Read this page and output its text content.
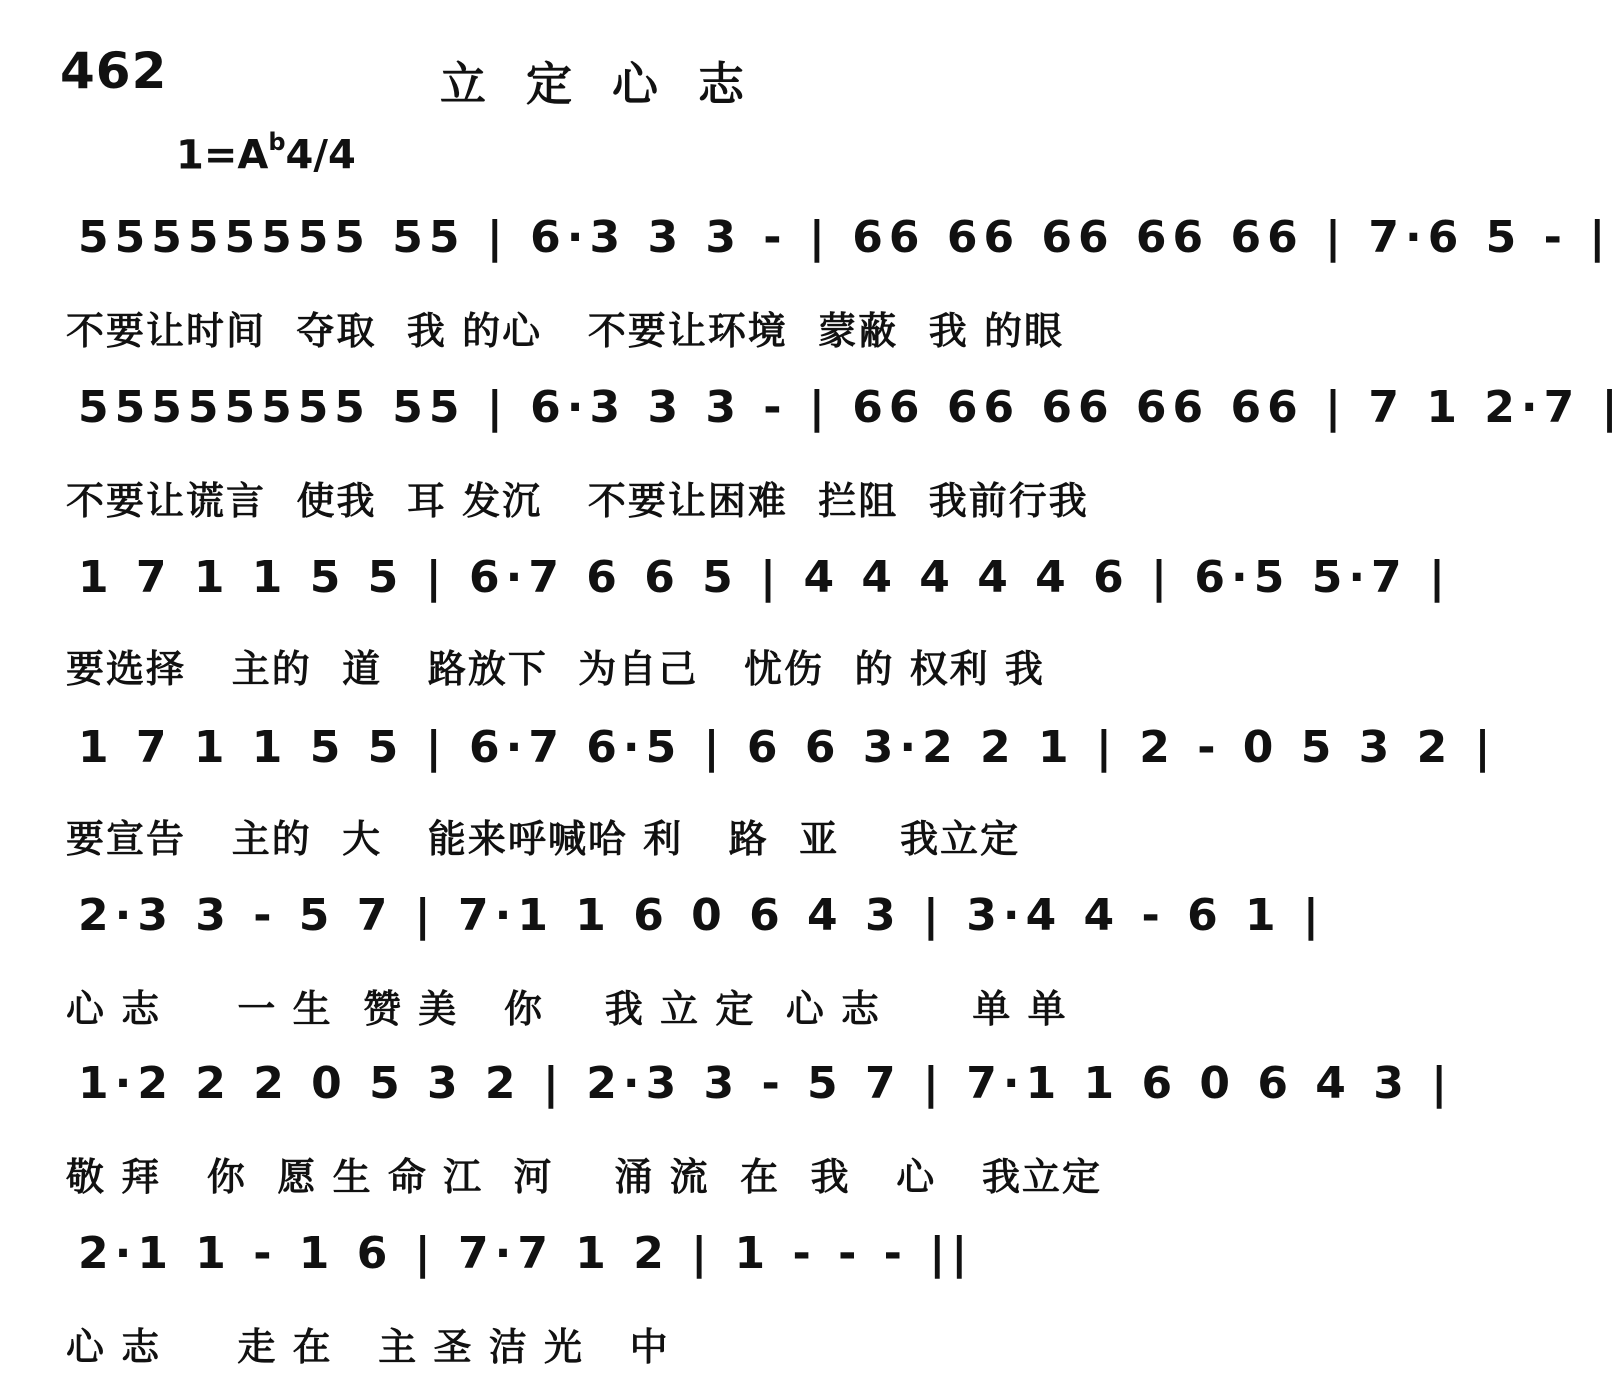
462	立定心志
$1=A^b4/4$
55555555 55 | 6·3 3 3 - | 66 66 66 66 66 | 7·6 5 - |
不要让时间  夺取  我 的心   不要让环境  蒙蔽  我 的眼
55555555 55 | 6·3 3 3 - | 66 66 66 66 66 | 7 1 2·7 |
不要让谎言  使我  耳 发沉   不要让困难  拦阻  我前行我
1 7 1 1 5 5 | 6·7 6 6 5 | 4 4 4 4 4 6 | 6·5 5·7 |
要选择   主的  道   路放下  为自己   忧伤  的 权利 我
1 7 1 1 5 5 | 6·7 6·5 | 6 6 3·2 2 1 | 2 - 0 5 3 2 |
要宣告   主的  大   能来呼喊哈 利   路  亚    我立定
2·3 3 - 5 7 | 7·1 1 6 0 6 4 3 | 3·4 4 - 6 1 |
心 志     一 生  赞 美   你    我 立 定  心 志      单 单
1·2 2 2 0 5 3 2 | 2·3 3 - 5 7 | 7·1 1 6 0 6 4 3 |
敬 拜   你  愿 生 命 江  河    涌 流  在  我   心   我立定
2·1 1 - 1 6 | 7·7 1 2 | 1 - - - ||
心 志     走 在   主 圣 洁 光   中
